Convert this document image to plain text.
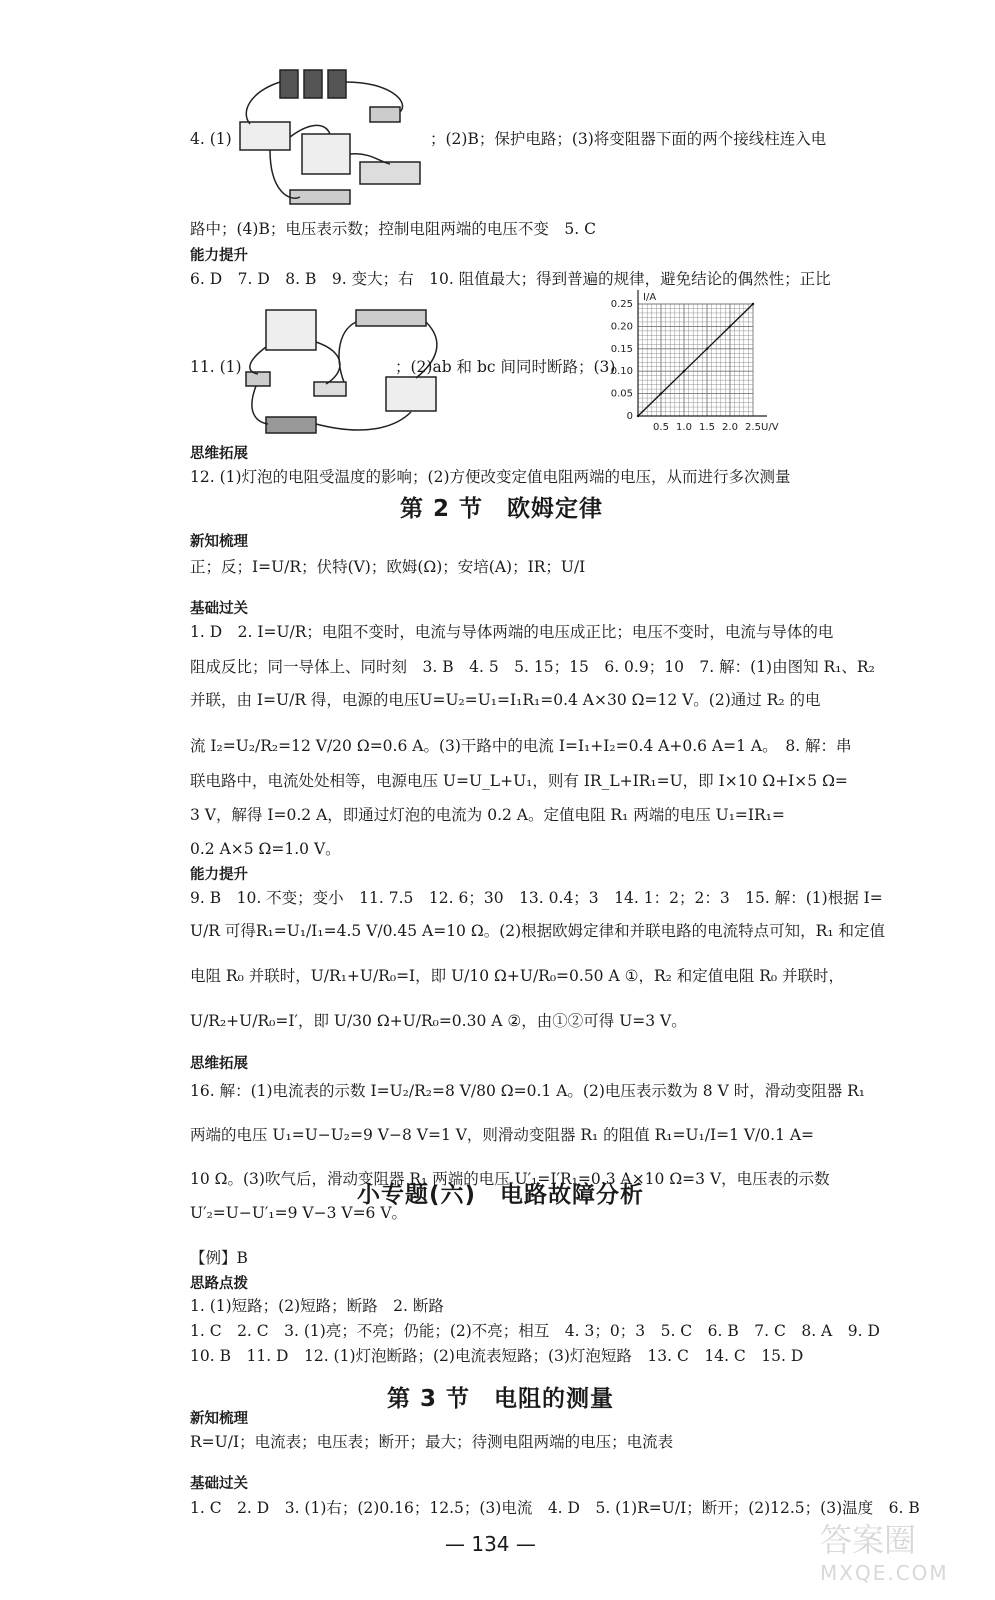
0.25
0.20
0.15
0.10
0.05
0
0.5 1.0 1.5 2.0 2.5
I/A
U/V
4. (1)	；(2)B；保护电路；(3)将变阻器下面的两个接线柱连入电
路中；(4)B；电压表示数；控制电阻两端的电压不变　5. C
6. D　7. D　8. B　9. 变大；右　10. 阻值最大；得到普遍的规律，避免结论的偶然性；正比
11. (1)	；(2)ab 和 bc 间同时断路；(3)
12. (1)灯泡的电阻受温度的影响；(2)方便改变定值电阻两端的电压，从而进行多次测量
正；反；I=U/R；伏特(V)；欧姆(Ω)；安培(A)；IR；U/I
1. D　2. I=U/R；电阻不变时，电流与导体两端的电压成正比；电压不变时，电流与导体的电
阻成反比；同一导体上、同时刻　3. B　4. 5　5. 15；15　6. 0.9；10　7. 解：(1)由图知 R₁、R₂
并联，由 I=U/R 得，电源的电压U=U₂=U₁=I₁R₁=0.4 A×30 Ω=12 V。(2)通过 R₂ 的电
流 I₂=U₂/R₂=12 V/20 Ω=0.6 A。(3)干路中的电流 I=I₁+I₂=0.4 A+0.6 A=1 A。　8. 解：串
联电路中，电流处处相等，电源电压 U=U_L+U₁，则有 IR_L+IR₁=U，即 I×10 Ω+I×5 Ω=
3 V，解得 I=0.2 A，即通过灯泡的电流为 0.2 A。定值电阻 R₁ 两端的电压 U₁=IR₁=
0.2 A×5 Ω=1.0 V。
9. B　10. 不变；变小　11. 7.5　12. 6；30　13. 0.4；3　14. 1：2；2：3　15. 解：(1)根据 I=
U/R 可得R₁=U₁/I₁=4.5 V/0.45 A=10 Ω。(2)根据欧姆定律和并联电路的电流特点可知，R₁ 和定值
电阻 R₀ 并联时，U/R₁+U/R₀=I，即 U/10 Ω+U/R₀=0.50 A ①，R₂ 和定值电阻 R₀ 并联时，
U/R₂+U/R₀=I′，即 U/30 Ω+U/R₀=0.30 A ②，由①②可得 U=3 V。
16. 解：(1)电流表的示数 I=U₂/R₂=8 V/80 Ω=0.1 A。(2)电压表示数为 8 V 时，滑动变阻器 R₁
两端的电压 U₁=U−U₂=9 V−8 V=1 V，则滑动变阻器 R₁ 的阻值 R₁=U₁/I=1 V/0.1 A=
10 Ω。(3)吹气后，滑动变阻器 R₁ 两端的电压 U′₁=I′R₁=0.3 A×10 Ω=3 V，电压表的示数
U′₂=U−U′₁=9 V−3 V=6 V。
【例】B
1. (1)短路；(2)短路；断路　2. 断路
1. C　2. C　3. (1)亮；不亮；仍能；(2)不亮；相互　4. 3；0；3　5. C　6. B　7. C　8. A　9. D
10. B　11. D　12. (1)灯泡断路；(2)电流表短路；(3)灯泡短路　13. C　14. C　15. D
R=U/I；电流表；电压表；断开；最大；待测电阻两端的电压；电流表
1. C　2. D　3. (1)右；(2)0.16；12.5；(3)电流　4. D　5. (1)R=U/I；断开；(2)12.5；(3)温度　6. B
能力提升
思维拓展
新知梳理
基础过关
能力提升
思维拓展
思路点拨
新知梳理
基础过关
第 2 节　欧姆定律
小专题(六)　电路故障分析
第 3 节　电阻的测量
— 134 —	答案圈
MXQE.COM
